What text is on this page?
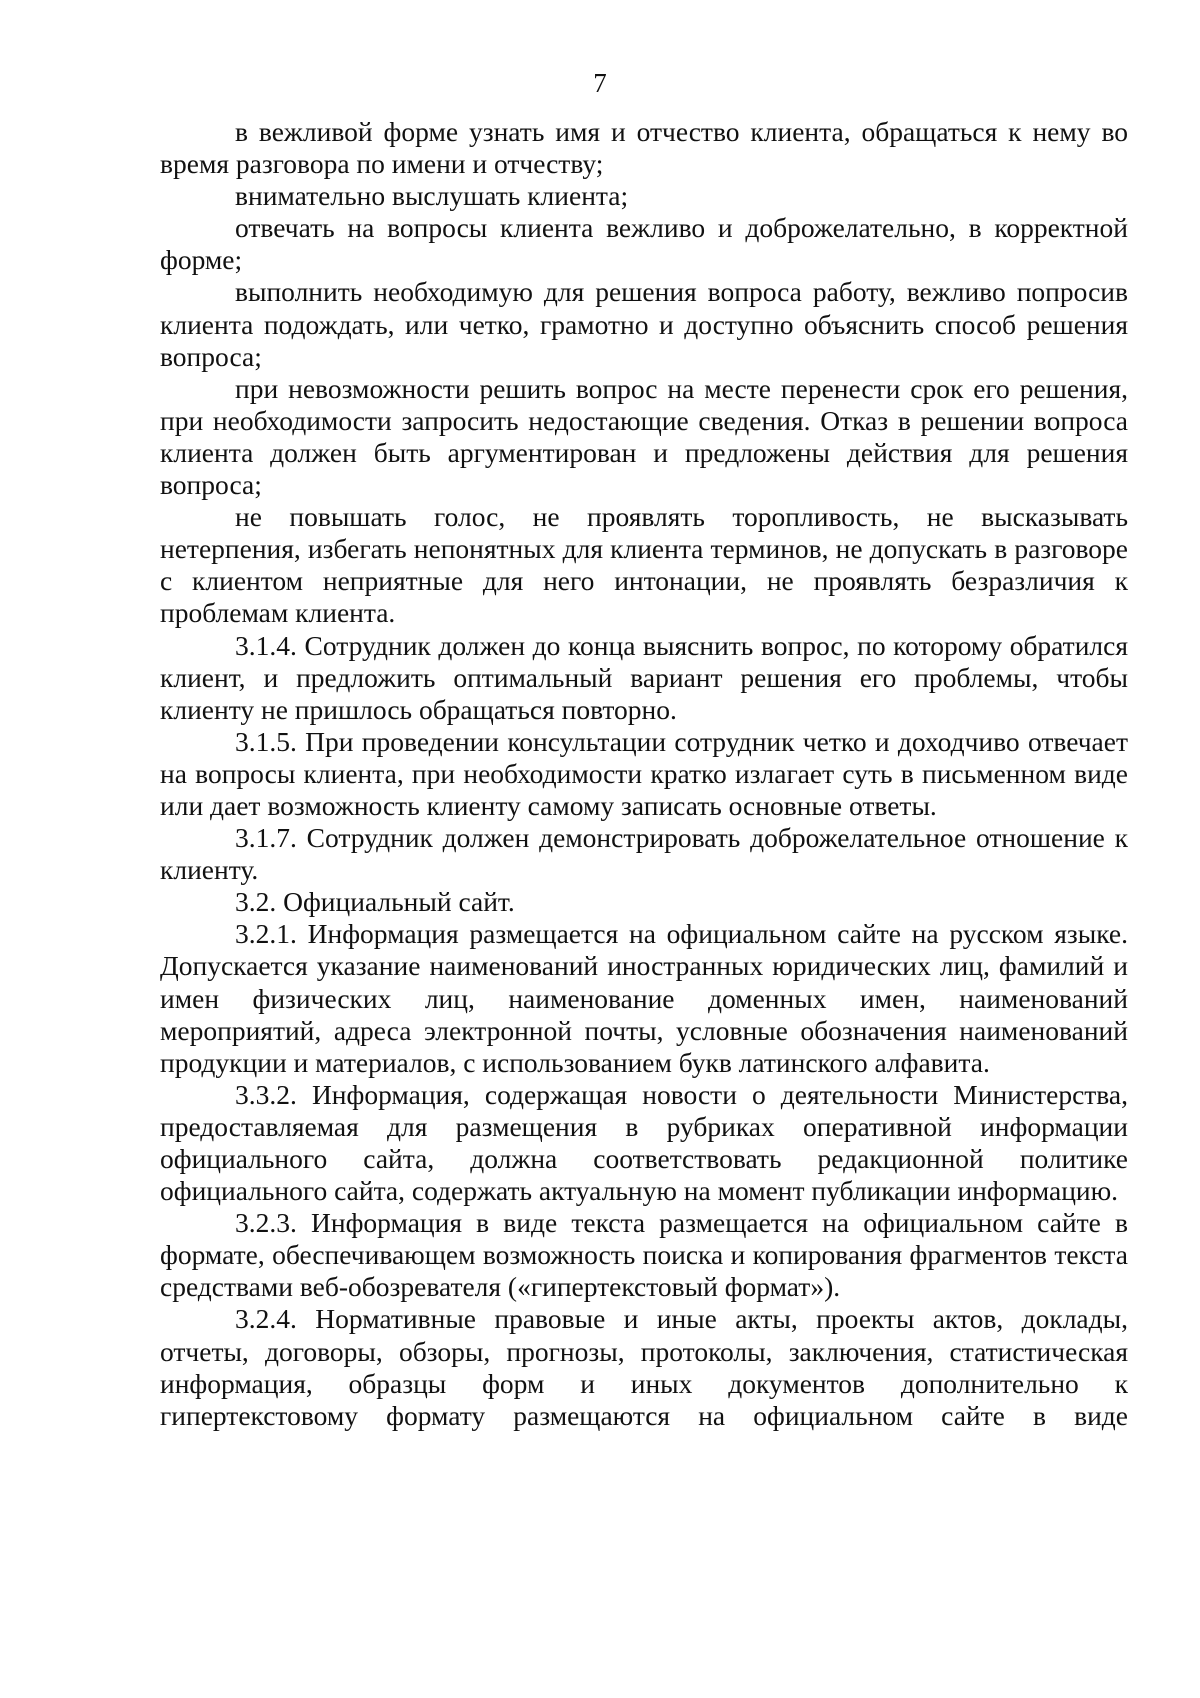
7

в вежливой форме узнать имя и отчество клиента, обращаться к нему во время разговора по имени и отчеству;

внимательно выслушать клиента;

отвечать на вопросы клиента вежливо и доброжелательно, в корректной форме;

выполнить необходимую для решения вопроса работу, вежливо попросив клиента подождать, или четко, грамотно и доступно объяснить способ решения вопроса;

при невозможности решить вопрос на месте перенести срок его решения, при необходимости запросить недостающие сведения. Отказ в решении вопроса клиента должен быть аргументирован и предложены действия для решения вопроса;

не повышать голос, не проявлять торопливость, не высказывать нетерпения, избегать непонятных для клиента терминов, не допускать в разговоре с клиентом неприятные для него интонации, не проявлять безразличия к проблемам клиента.

3.1.4. Сотрудник должен до конца выяснить вопрос, по которому обратился клиент, и предложить оптимальный вариант решения его проблемы, чтобы клиенту не пришлось обращаться повторно.

3.1.5. При проведении консультации сотрудник четко и доходчиво отвечает на вопросы клиента, при необходимости кратко излагает суть в письменном виде или дает возможность клиенту самому записать основные ответы.

3.1.7. Сотрудник должен демонстрировать доброжелательное отношение к клиенту.

3.2. Официальный сайт.

3.2.1. Информация размещается на официальном сайте на русском языке. Допускается указание наименований иностранных юридических лиц, фамилий и имен физических лиц, наименование доменных имен, наименований мероприятий, адреса электронной почты, условные обозначения наименований продукции и материалов, с использованием букв латинского алфавита.

3.3.2. Информация, содержащая новости о деятельности Министерства, предоставляемая для размещения в рубриках оперативной информации официального сайта, должна соответствовать редакционной политике официального сайта, содержать актуальную на момент публикации информацию.

3.2.3. Информация в виде текста размещается на официальном сайте в формате, обеспечивающем возможность поиска и копирования фрагментов текста средствами веб-обозревателя («гипертекстовый формат»).

3.2.4. Нормативные правовые и иные акты, проекты актов, доклады, отчеты, договоры, обзоры, прогнозы, протоколы, заключения, статистическая информация, образцы форм и иных документов дополнительно к гипертекстовому формату размещаются на официальном сайте в виде
